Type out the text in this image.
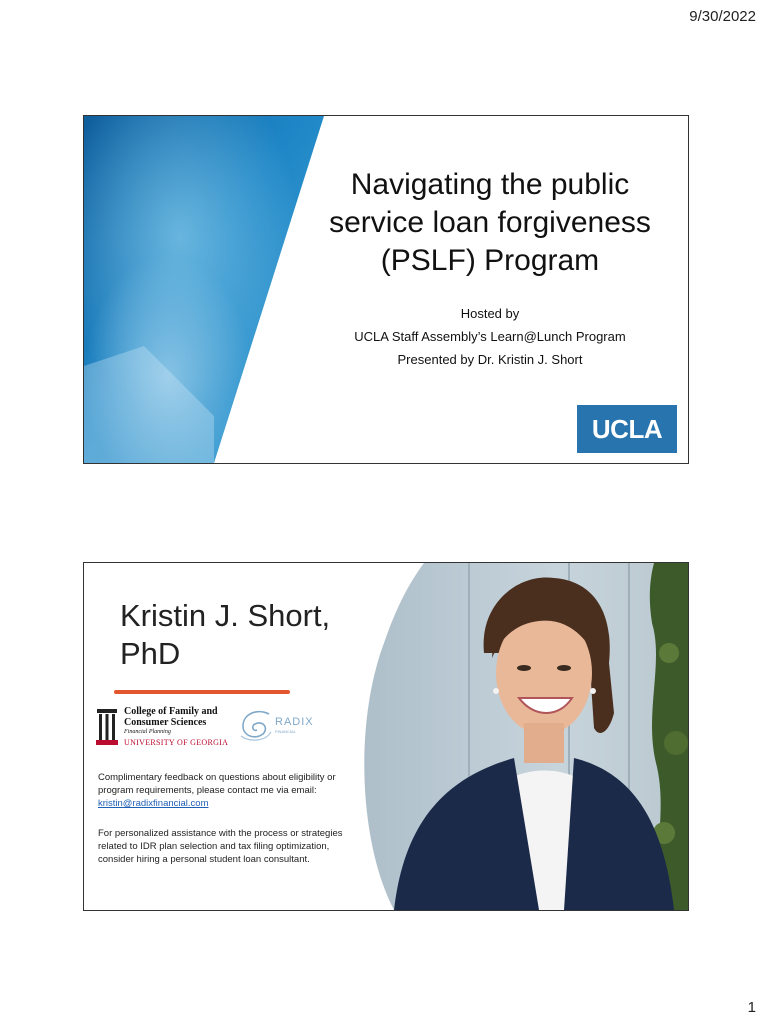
9/30/2022
Navigating the public
service loan forgiveness
(PSLF) Program
Hosted by
UCLA Staff Assembly’s Learn@Lunch Program
Presented by Dr. Kristin J. Short
UCLA
Kristin J. Short,
PhD
College of Family and
Consumer Sciences
Financial Planning
UNIVERSITY OF GEORGIA
RADIX
FINANCIAL
Complimentary feedback on questions about eligibility or program requirements, please contact me via email: kristin@radixfinancial.com
For personalized assistance with the process or strategies related to IDR plan selection and tax filing optimization, consider hiring a personal student loan consultant.
1
